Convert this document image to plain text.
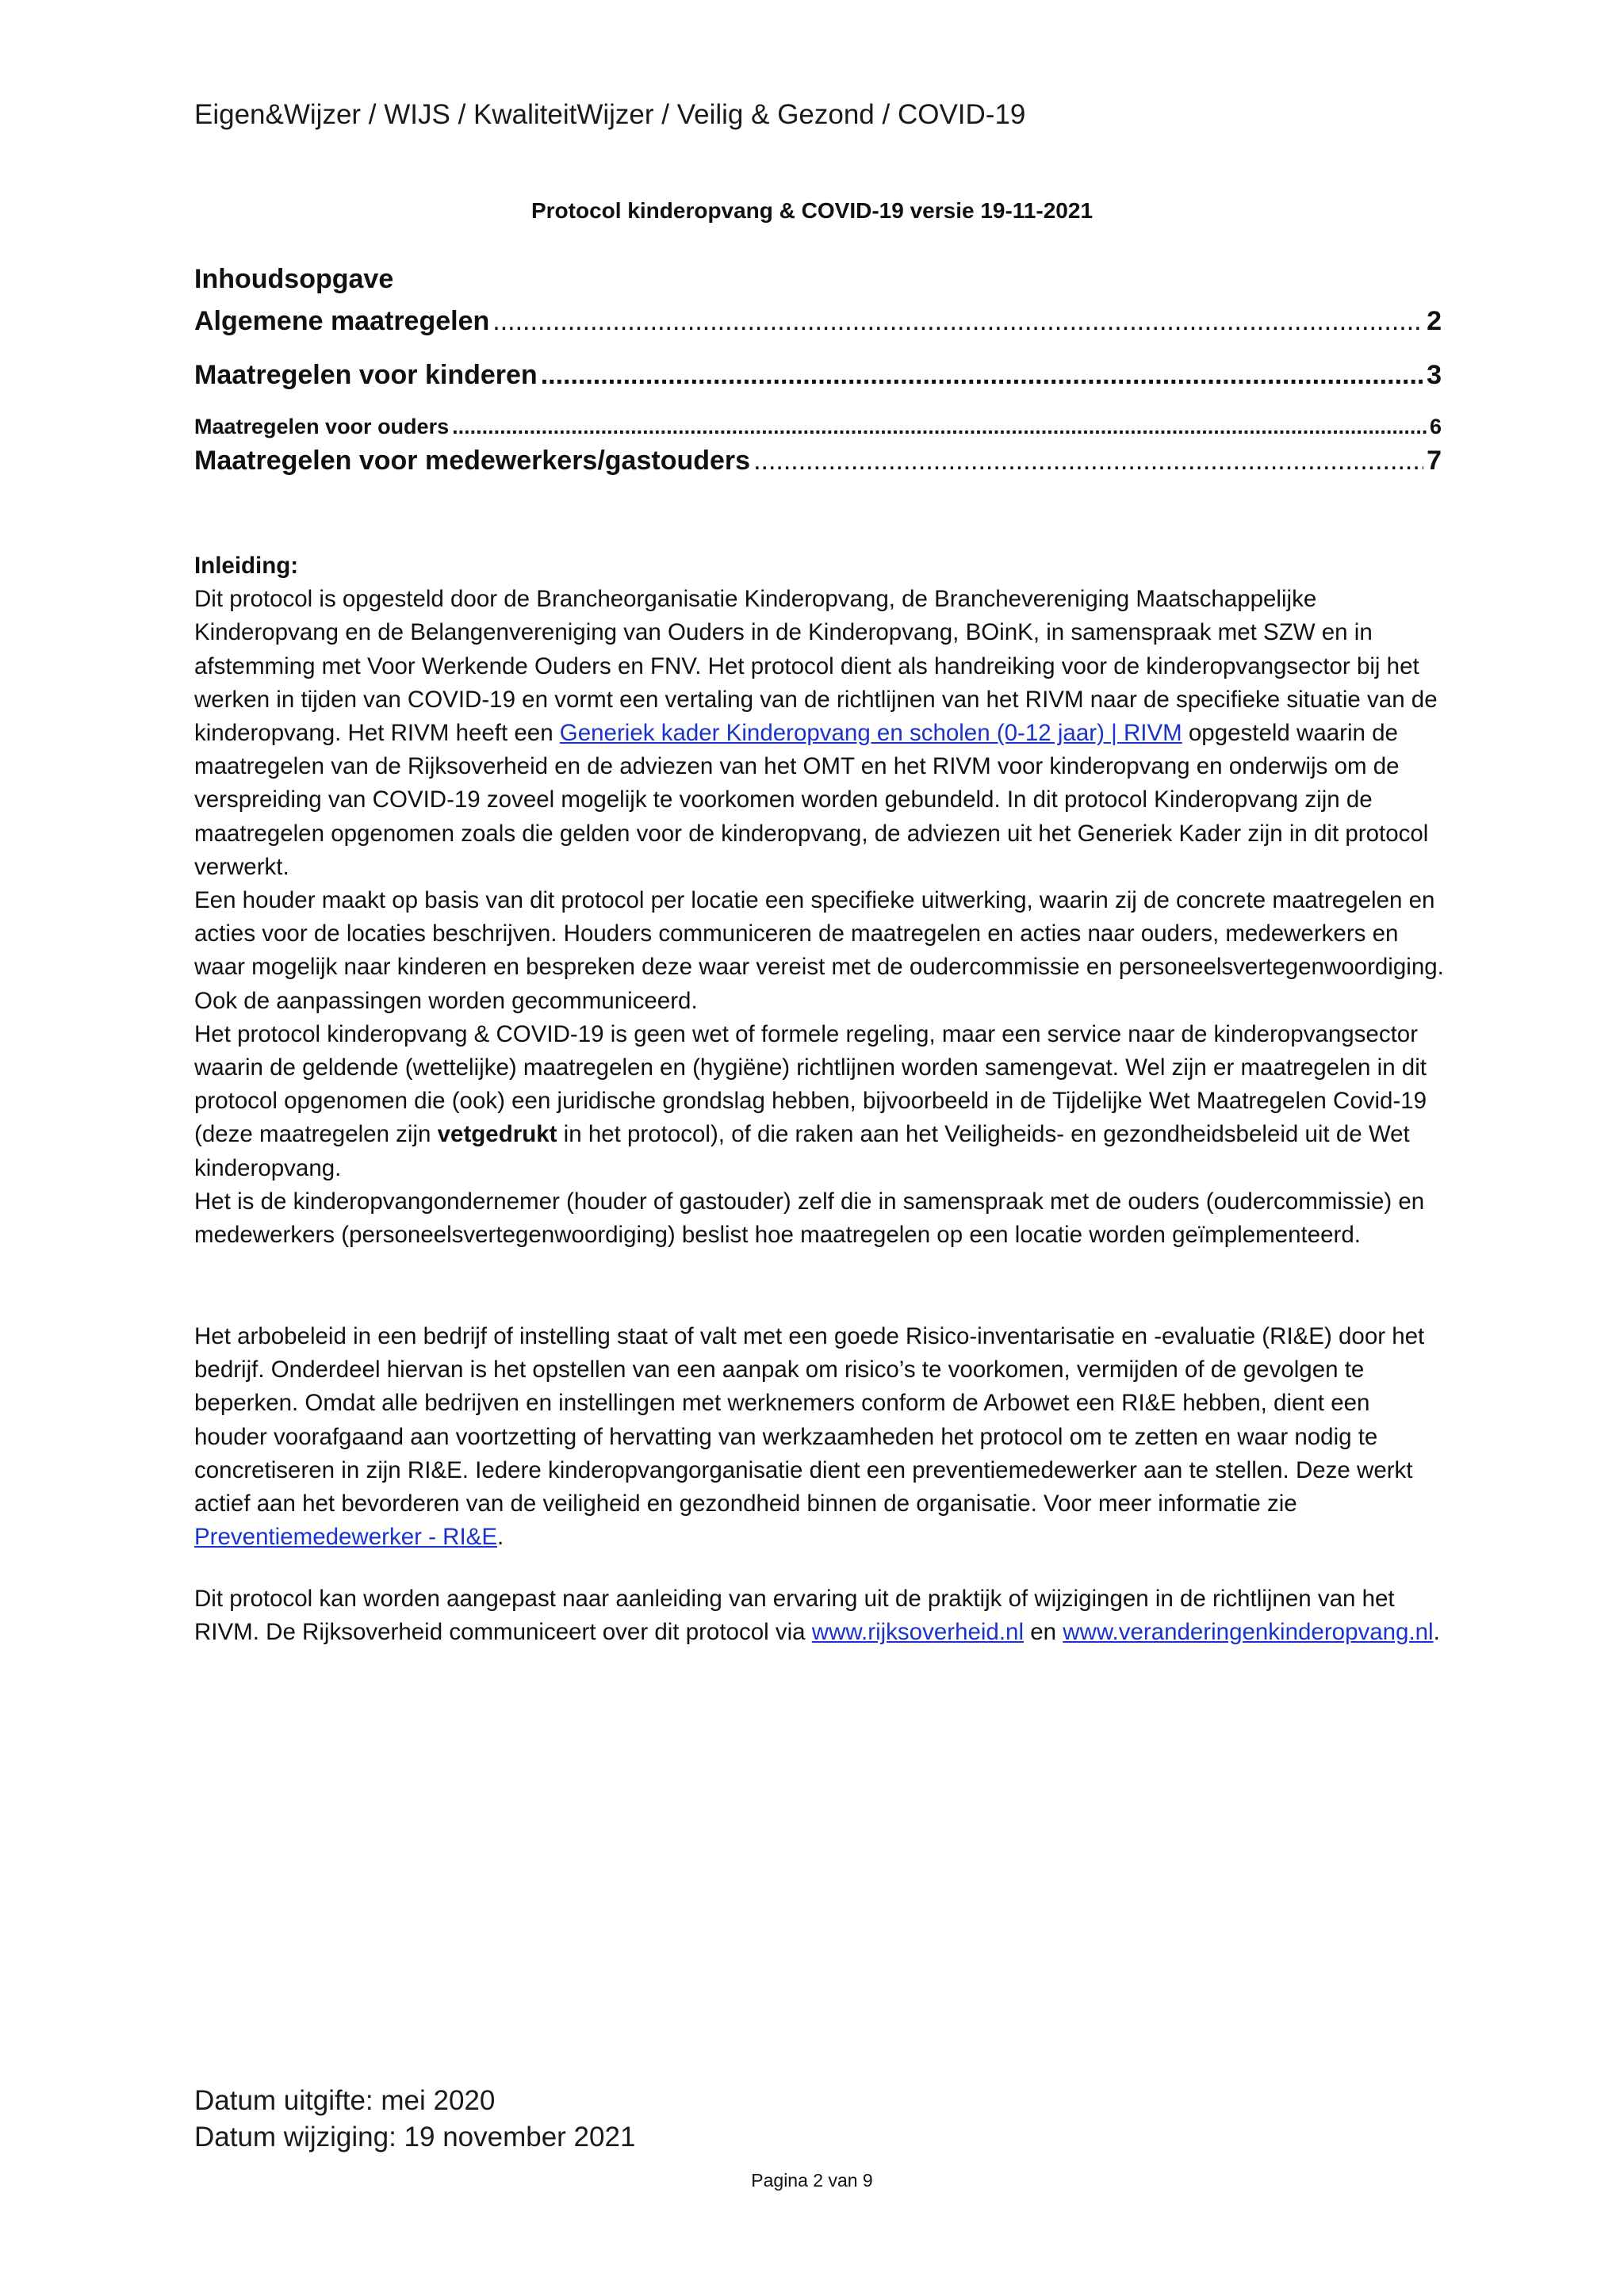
Eigen&Wijzer / WIJS / KwaliteitWijzer / Veilig & Gezond / COVID-19
Protocol kinderopvang & COVID-19 versie 19-11-2021
Inhoudsopgave
Algemene maatregelen .....	2
Maatregelen voor kinderen .....	3
Maatregelen voor ouders .....	6
Maatregelen voor medewerkers/gastouders .....	7

Inleiding:

Dit protocol is opgesteld door de Brancheorganisatie Kinderopvang, de Branchevereniging Maatschappelijke Kinderopvang en de Belangenvereniging van Ouders in de Kinderopvang, BOinK, in samenspraak met SZW en in afstemming met Voor Werkende Ouders en FNV. Het protocol dient als handreiking voor de kinderopvangsector bij het werken in tijden van COVID-19 en vormt een vertaling van de richtlijnen van het RIVM naar de specifieke situatie van de kinderopvang. Het RIVM heeft een Generiek kader Kinderopvang en scholen (0-12 jaar) | RIVM opgesteld waarin de maatregelen van de Rijksoverheid en de adviezen van het OMT en het RIVM voor kinderopvang en onderwijs om de verspreiding van COVID-19 zoveel mogelijk te voorkomen worden gebundeld. In dit protocol Kinderopvang zijn de maatregelen opgenomen zoals die gelden voor de kinderopvang, de adviezen uit het Generiek Kader zijn in dit protocol verwerkt.

Een houder maakt op basis van dit protocol per locatie een specifieke uitwerking, waarin zij de concrete maatregelen en acties voor de locaties beschrijven. Houders communiceren de maatregelen en acties naar ouders, medewerkers en waar mogelijk naar kinderen en bespreken deze waar vereist met de oudercommissie en personeelsvertegenwoordiging. Ook de aanpassingen worden gecommuniceerd.

Het protocol kinderopvang & COVID-19 is geen wet of formele regeling, maar een service naar de kinderopvangsector waarin de geldende (wettelijke) maatregelen en (hygiëne) richtlijnen worden samengevat. Wel zijn er maatregelen in dit protocol opgenomen die (ook) een juridische grondslag hebben, bijvoorbeeld in de Tijdelijke Wet Maatregelen Covid-19 (deze maatregelen zijn vetgedrukt in het protocol), of die raken aan het Veiligheids- en gezondheidsbeleid uit de Wet kinderopvang.

Het is de kinderopvangondernemer (houder of gastouder) zelf die in samenspraak met de ouders (oudercommissie) en medewerkers (personeelsvertegenwoordiging) beslist hoe maatregelen op een locatie worden geïmplementeerd.

Het arbobeleid in een bedrijf of instelling staat of valt met een goede Risico-inventarisatie en -evaluatie (RI&E) door het bedrijf. Onderdeel hiervan is het opstellen van een aanpak om risico’s te voorkomen, vermijden of de gevolgen te beperken. Omdat alle bedrijven en instellingen met werknemers conform de Arbowet een RI&E hebben, dient een houder voorafgaand aan voortzetting of hervatting van werkzaamheden het protocol om te zetten en waar nodig te concretiseren in zijn RI&E. Iedere kinderopvangorganisatie dient een preventiemedewerker aan te stellen. Deze werkt actief aan het bevorderen van de veiligheid en gezondheid binnen de organisatie. Voor meer informatie zie Preventiemedewerker - RI&E.

Dit protocol kan worden aangepast naar aanleiding van ervaring uit de praktijk of wijzigingen in de richtlijnen van het RIVM. De Rijksoverheid communiceert over dit protocol via www.rijksoverheid.nl en www.veranderingenkinderopvang.nl.

Datum uitgifte: mei 2020
Datum wijziging: 19 november 2021
Pagina 2 van 9
